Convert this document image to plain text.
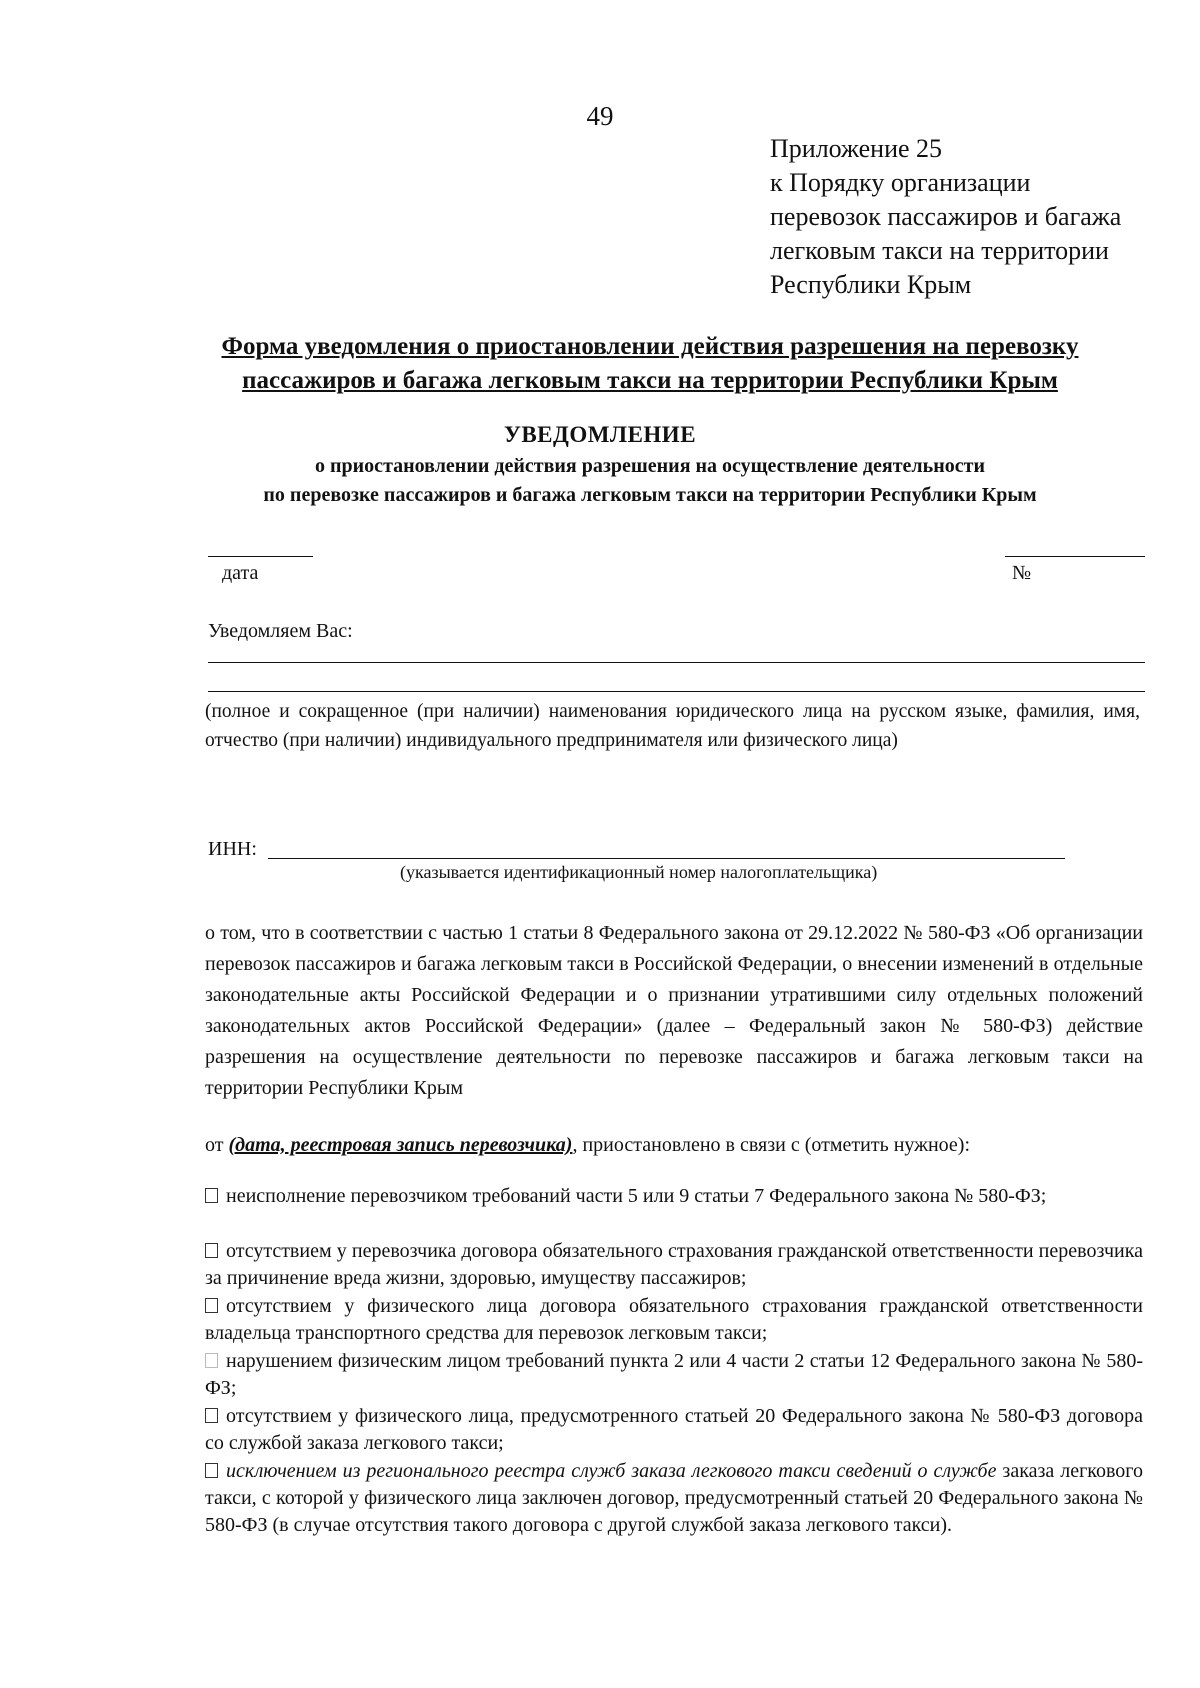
49
Приложение 25
к Порядку организации
перевозок пассажиров и багажа
легковым такси на территории
Республики Крым
Форма уведомления о приостановлении действия разрешения на перевозку
пассажиров и багажа легковым такси на территории Республики Крым
УВЕДОМЛЕНИЕ
о приостановлении действия разрешения на осуществление деятельности
по перевозке пассажиров и багажа легковым такси на территории Республики Крым
дата	№
Уведомляем Вас:
(полное и сокращенное (при наличии) наименования юридического лица на русском языке, фамилия, имя, отчество (при наличии) индивидуального предпринимателя или физического лица)
ИНН:
(указывается идентификационный номер налогоплательщика)
о том, что в соответствии с частью 1 статьи 8 Федерального закона от 29.12.2022 № 580-ФЗ «Об организации перевозок пассажиров и багажа легковым такси в Российской Федерации, о внесении изменений в отдельные законодательные акты Российской Федерации и о признании утратившими силу отдельных положений законодательных актов Российской Федерации» (далее – Федеральный закон № 580-ФЗ) действие разрешения на осуществление деятельности по перевозке пассажиров и багажа легковым такси на территории Республики Крым
от (дата, реестровая запись перевозчика), приостановлено в связи с (отметить нужное):
неисполнение перевозчиком требований части 5 или 9 статьи 7 Федерального закона № 580-ФЗ;
отсутствием у перевозчика договора обязательного страхования гражданской ответственности перевозчика за причинение вреда жизни, здоровью, имуществу пассажиров;
отсутствием у физического лица договора обязательного страхования гражданской ответственности владельца транспортного средства для перевозок легковым такси;
нарушением физическим лицом требований пункта 2 или 4 части 2 статьи 12 Федерального закона № 580-ФЗ;
отсутствием у физического лица, предусмотренного статьей 20 Федерального закона № 580-ФЗ договора со службой заказа легкового такси;
исключением из регионального реестра служб заказа легкового такси сведений о службе заказа легкового такси, с которой у физического лица заключен договор, предусмотренный статьей 20 Федерального закона № 580-ФЗ (в случае отсутствия такого договора с другой службой заказа легкового такси).
